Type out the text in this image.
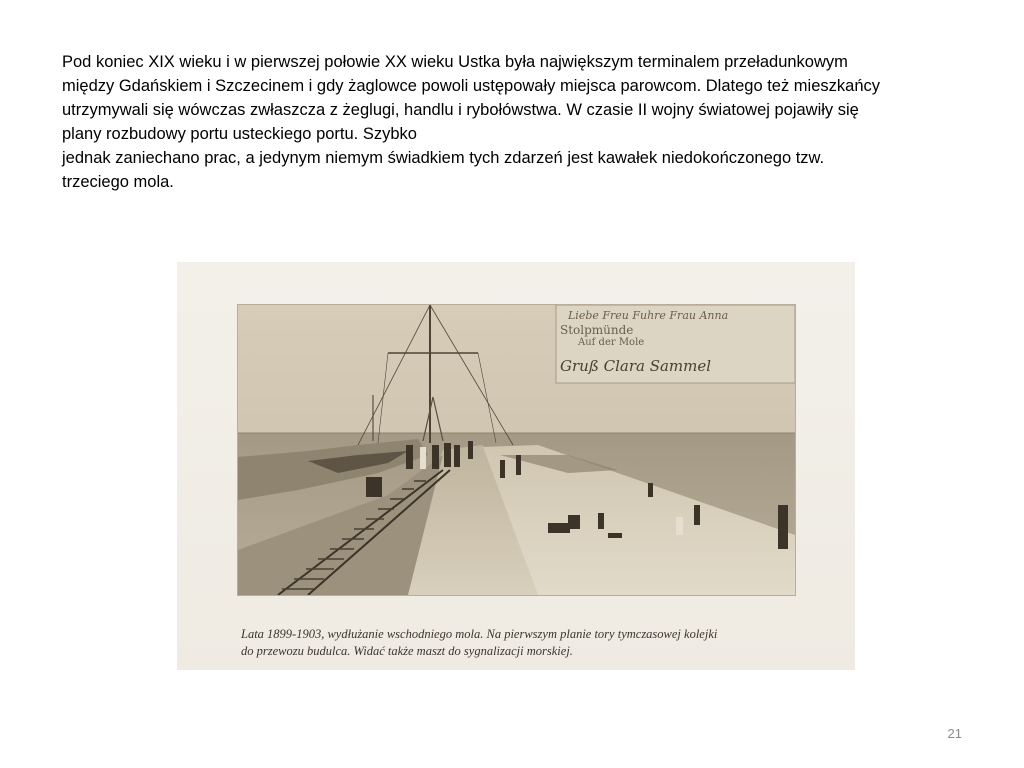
Pod koniec XIX wieku i w pierwszej połowie XX wieku Ustka była największym terminalem przeładunkowym

między Gdańskiem i Szczecinem i gdy żaglowce powoli ustępowały miejsca parowcom. Dlatego też mieszkańcy

utrzymywali się wówczas zwłaszcza z żeglugi, handlu i rybołówstwa. W czasie II wojny światowej pojawiły się

plany rozbudowy portu usteckiego portu. Szybko

jednak zaniechano prac, a jedynym niemym świadkiem tych zdarzeń jest kawałek niedokończonego tzw.

trzeciego mola.

Liebe Freu Fuhre Frau Anna
Stolpmünde
Auf der Mole
Gruß Clara Sammel
Lata 1899-1903, wydłużanie wschodniego mola. Na pierwszym planie tory tymczasowej kolejki
do przewozu budulca. Widać także maszt do sygnalizacji morskiej.
21
